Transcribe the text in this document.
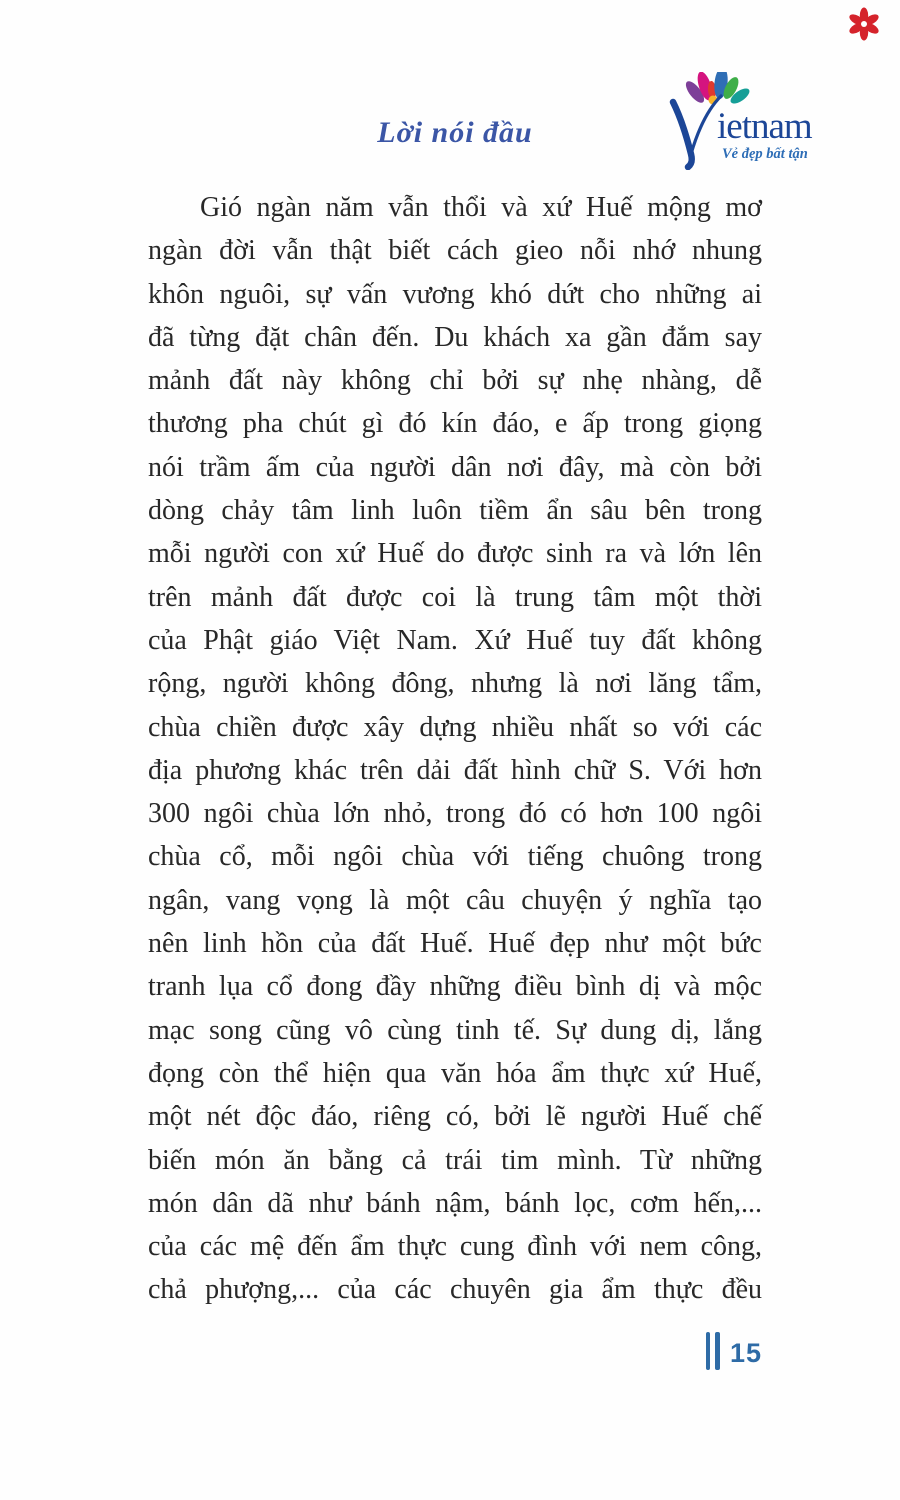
Lời nói đầu	ietnam
Vẻ đẹp bất tận
Gió ngàn năm vẫn thổi và xứ Huế mộng mơ
ngàn đời vẫn thật biết cách gieo nỗi nhớ nhung
khôn nguôi, sự vấn vương khó dứt cho những ai
đã từng đặt chân đến. Du khách xa gần đắm say
mảnh đất này không chỉ bởi sự nhẹ nhàng, dễ
thương pha chút gì đó kín đáo, e ấp trong giọng
nói trầm ấm của người dân nơi đây, mà còn bởi
dòng chảy tâm linh luôn tiềm ẩn sâu bên trong
mỗi người con xứ Huế do được sinh ra và lớn lên
trên mảnh đất được coi là trung tâm một thời
của Phật giáo Việt Nam. Xứ Huế tuy đất không
rộng, người không đông, nhưng là nơi lăng tẩm,
chùa chiền được xây dựng nhiều nhất so với các
địa phương khác trên dải đất hình chữ S. Với hơn
300 ngôi chùa lớn nhỏ, trong đó có hơn 100 ngôi
chùa cổ, mỗi ngôi chùa với tiếng chuông trong
ngân, vang vọng là một câu chuyện ý nghĩa tạo
nên linh hồn của đất Huế. Huế đẹp như một bức
tranh lụa cổ đong đầy những điều bình dị và mộc
mạc song cũng vô cùng tinh tế. Sự dung dị, lắng
đọng còn thể hiện qua văn hóa ẩm thực xứ Huế,
một nét độc đáo, riêng có, bởi lẽ người Huế chế
biến món ăn bằng cả trái tim mình. Từ những
món dân dã như bánh nậm, bánh lọc, cơm hến,...
của các mệ đến ẩm thực cung đình với nem công,
chả phượng,... của các chuyên gia ẩm thực đều
15
